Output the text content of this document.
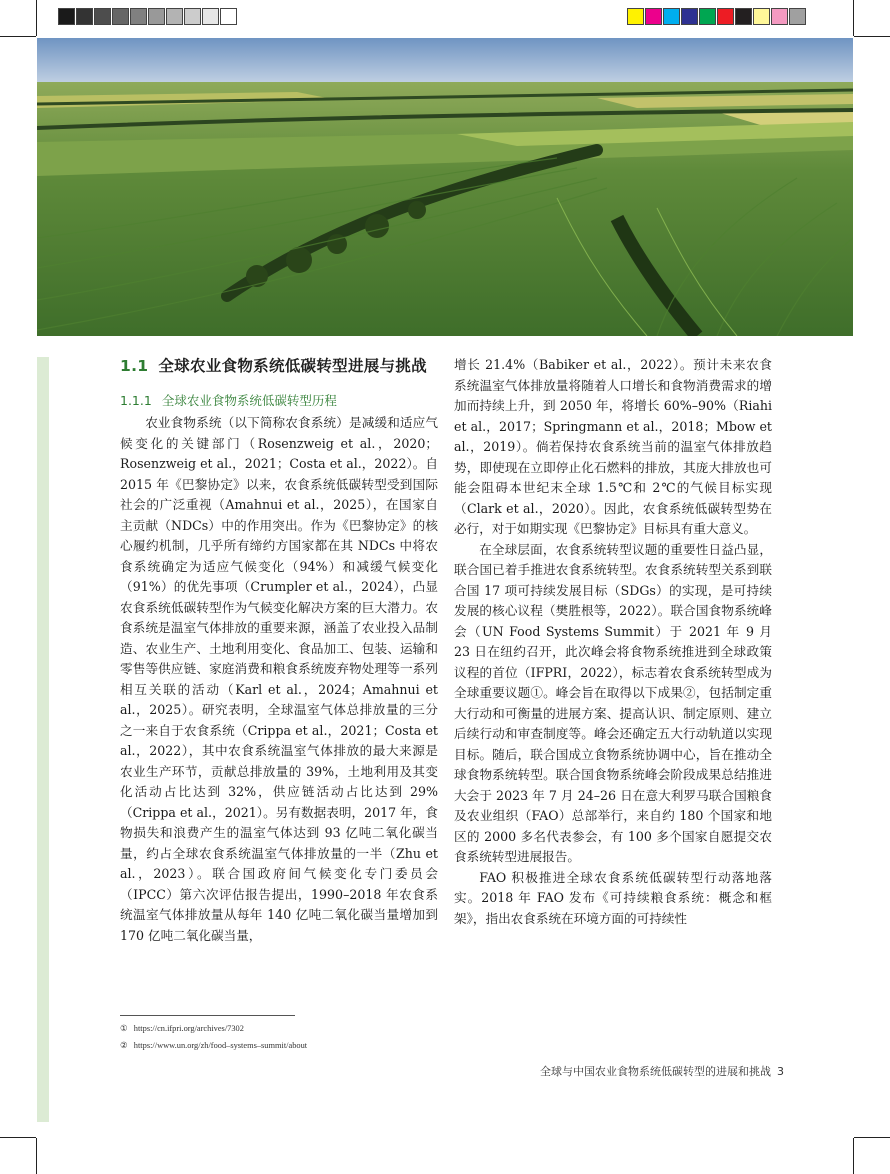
1.1 全球农业食物系统低碳转型进展与挑战
1.1.1 全球农业食物系统低碳转型历程

农业食物系统（以下简称农食系统）是减缓和适应气候变化的关键部门（Rosenzweig et al.，2020；Rosenzweig et al.，2021；Costa et al.，2022）。自 2015 年《巴黎协定》以来，农食系统低碳转型受到国际社会的广泛重视（Amahnui et al.，2025），在国家自主贡献（NDCs）中的作用突出。作为《巴黎协定》的核心履约机制，几乎所有缔约方国家都在其 NDCs 中将农食系统确定为适应气候变化（94%）和减缓气候变化（91%）的优先事项（Crumpler et al.，2024），凸显农食系统低碳转型作为气候变化解决方案的巨大潜力。农食系统是温室气体排放的重要来源，涵盖了农业投入品制造、农业生产、土地利用变化、食品加工、包装、运输和零售等供应链、家庭消费和粮食系统废弃物处理等一系列相互关联的活动（Karl et al.，2024；Amahnui et al.，2025）。研究表明，全球温室气体总排放量的三分之一来自于农食系统（Crippa et al.，2021；Costa et al.，2022），其中农食系统温室气体排放的最大来源是农业生产环节，贡献总排放量的 39%，土地利用及其变化活动占比达到 32%，供应链活动占比达到 29%（Crippa et al.，2021）。另有数据表明，2017 年，食物损失和浪费产生的温室气体达到 93 亿吨二氧化碳当量，约占全球农食系统温室气体排放量的一半（Zhu et al.，2023）。联合国政府间气候变化专门委员会（IPCC）第六次评估报告提出，1990–2018 年农食系统温室气体排放量从每年 140 亿吨二氧化碳当量增加到 170 亿吨二氧化碳当量，

增长 21.4%（Babiker et al.，2022）。预计未来农食系统温室气体排放量将随着人口增长和食物消费需求的增加而持续上升，到 2050 年，将增长 60%–90%（Riahi et al.，2017；Springmann et al.，2018；Mbow et al.，2019）。倘若保持农食系统当前的温室气体排放趋势，即使现在立即停止化石燃料的排放，其庞大排放也可能会阻碍本世纪末全球 1.5℃和 2℃的气候目标实现（Clark et al.，2020）。因此，农食系统低碳转型势在必行，对于如期实现《巴黎协定》目标具有重大意义。

在全球层面，农食系统转型议题的重要性日益凸显，联合国已着手推进农食系统转型。农食系统转型关系到联合国 17 项可持续发展目标（SDGs）的实现，是可持续发展的核心议程（樊胜根等，2022）。联合国食物系统峰会（UN Food Systems Summit）于 2021 年 9 月 23 日在纽约召开，此次峰会将食物系统推进到全球政策议程的首位（IFPRI，2022），标志着农食系统转型成为全球重要议题①。峰会旨在取得以下成果②，包括制定重大行动和可衡量的进展方案、提高认识、制定原则、建立后续行动和审查制度等。峰会还确定五大行动轨道以实现目标。随后，联合国成立食物系统协调中心，旨在推动全球食物系统转型。联合国食物系统峰会阶段成果总结推进大会于 2023 年 7 月 24–26 日在意大利罗马联合国粮食及农业组织（FAO）总部举行，来自约 180 个国家和地区的 2000 多名代表参会，有 100 多个国家自愿提交农食系统转型进展报告。

FAO 积极推进全球农食系统低碳转型行动落地落实。2018 年 FAO 发布《可持续粮食系统：概念和框架》，指出农食系统在环境方面的可持续性

① https://cn.ifpri.org/archives/7302
② https://www.un.org/zh/food–systems–summit/about
全球与中国农业食物系统低碳转型的进展和挑战 3
